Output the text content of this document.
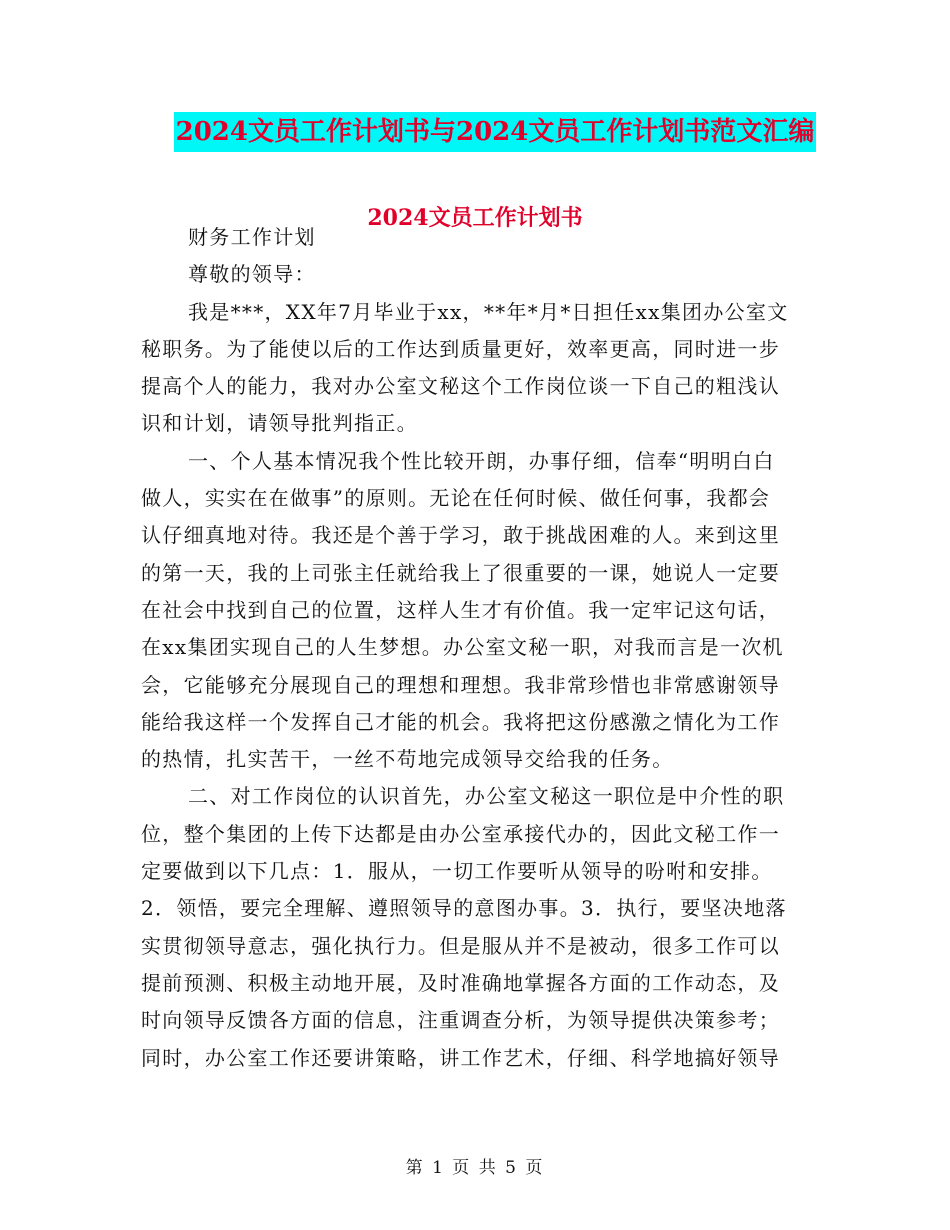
2024文员工作计划书与2024文员工作计划书范文汇编
2024文员工作计划书
财务工作计划
尊敬的领导：
我是***，XX年7月毕业于xx，**年*月*日担任xx集团办公室文
秘职务。为了能使以后的工作达到质量更好，效率更高，同时进一步
提高个人的能力，我对办公室文秘这个工作岗位谈一下自己的粗浅认
识和计划，请领导批判指正。
一、个人基本情况我个性比较开朗，办事仔细，信奉“明明白白
做人，实实在在做事”的原则。无论在任何时候、做任何事，我都会
认仔细真地对待。我还是个善于学习，敢于挑战困难的人。来到这里
的第一天，我的上司张主任就给我上了很重要的一课，她说人一定要
在社会中找到自己的位置，这样人生才有价值。我一定牢记这句话，
在xx集团实现自己的人生梦想。办公室文秘一职，对我而言是一次机
会，它能够充分展现自己的理想和理想。我非常珍惜也非常感谢领导
能给我这样一个发挥自己才能的机会。我将把这份感激之情化为工作
的热情，扎实苦干，一丝不苟地完成领导交给我的任务。
二、对工作岗位的认识首先，办公室文秘这一职位是中介性的职
位，整个集团的上传下达都是由办公室承接代办的，因此文秘工作一
定要做到以下几点：1．服从，一切工作要听从领导的吩咐和安排。
2．领悟，要完全理解、遵照领导的意图办事。3．执行，要坚决地落
实贯彻领导意志，强化执行力。但是服从并不是被动，很多工作可以
提前预测、积极主动地开展，及时准确地掌握各方面的工作动态，及
时向领导反馈各方面的信息，注重调查分析，为领导提供决策参考；
同时，办公室工作还要讲策略，讲工作艺术，仔细、科学地搞好领导
第 1 页 共 5 页
